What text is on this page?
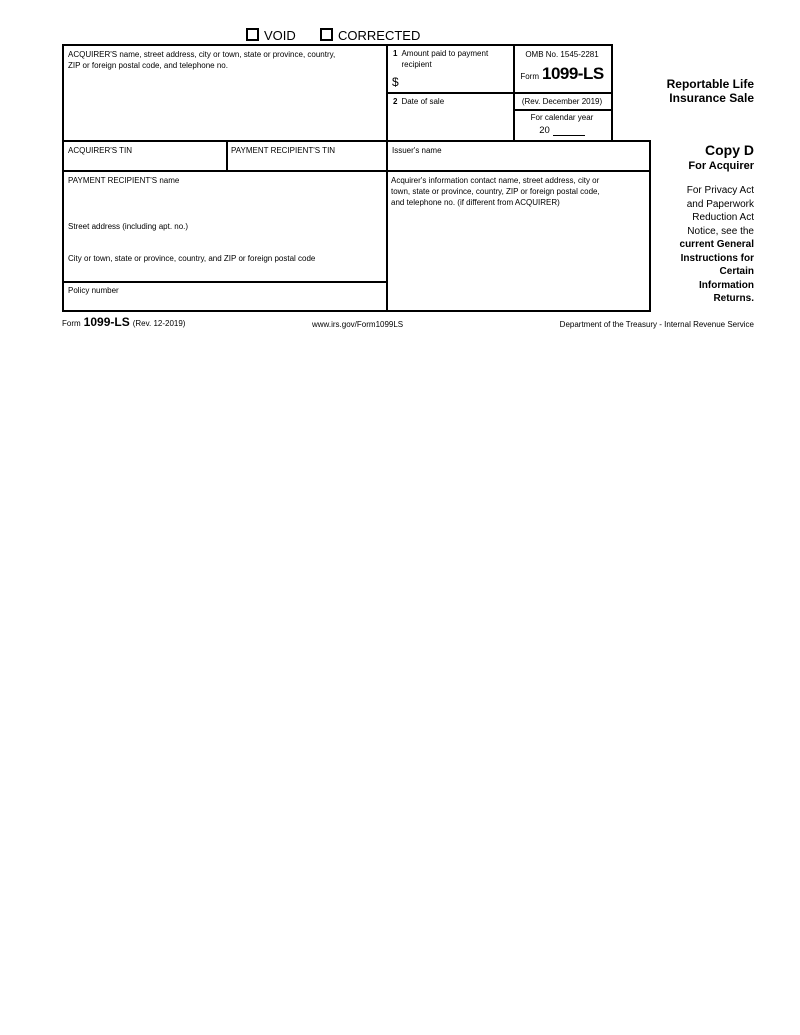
VOID	CORRECTED
ACQUIRER'S name, street address, city or town, state or province, country,
ZIP or foreign postal code, and telephone no.
1 Amount paid to payment
recipient
$
2 Date of sale
OMB No. 1545-2281
Form 1099-LS
(Rev. December 2019)
For calendar year
20
Reportable Life
Insurance Sale
ACQUIRER'S TIN	PAYMENT RECIPIENT'S TIN	Issuer's name
PAYMENT RECIPIENT'S name
Street address (including apt. no.)
City or town, state or province, country, and ZIP or foreign postal code
Policy number
Acquirer's information contact name, street address, city or
town, state or province, country, ZIP or foreign postal code,
and telephone no. (if different from ACQUIRER)
Copy D
For Acquirer
For Privacy Act
and Paperwork
Reduction Act
Notice, see the
current General
Instructions for
Certain
Information
Returns.
Form 1099-LS (Rev. 12-2019)	www.irs.gov/Form1099LS	Department of the Treasury - Internal Revenue Service
